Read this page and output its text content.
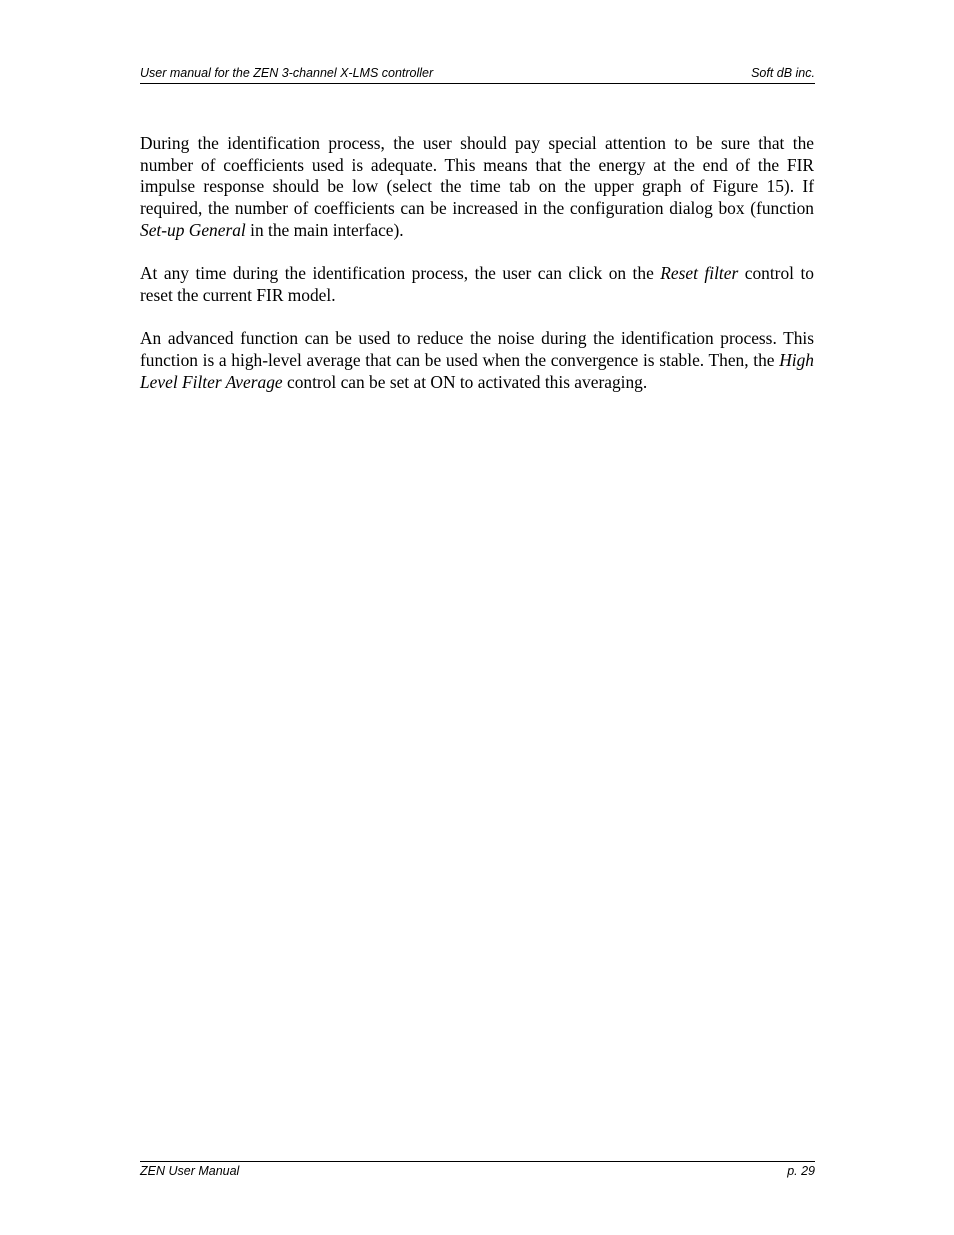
User manual for the ZEN 3-channel X-LMS controller	Soft dB inc.

During the identification process, the user should pay special attention to be sure that the number of coefficients used is adequate. This means that the energy at the end of the FIR impulse response should be low (select the time tab on the upper graph of Figure 15). If required, the number of coefficients can be increased in the configuration dialog box (function Set-up General in the main interface).

At any time during the identification process, the user can click on the Reset filter control to reset the current FIR model.

An advanced function can be used to reduce the noise during the identification process. This function is a high-level average that can be used when the convergence is stable. Then, the High Level Filter Average control can be set at ON to activated this averaging.

ZEN User Manual	p. 29
